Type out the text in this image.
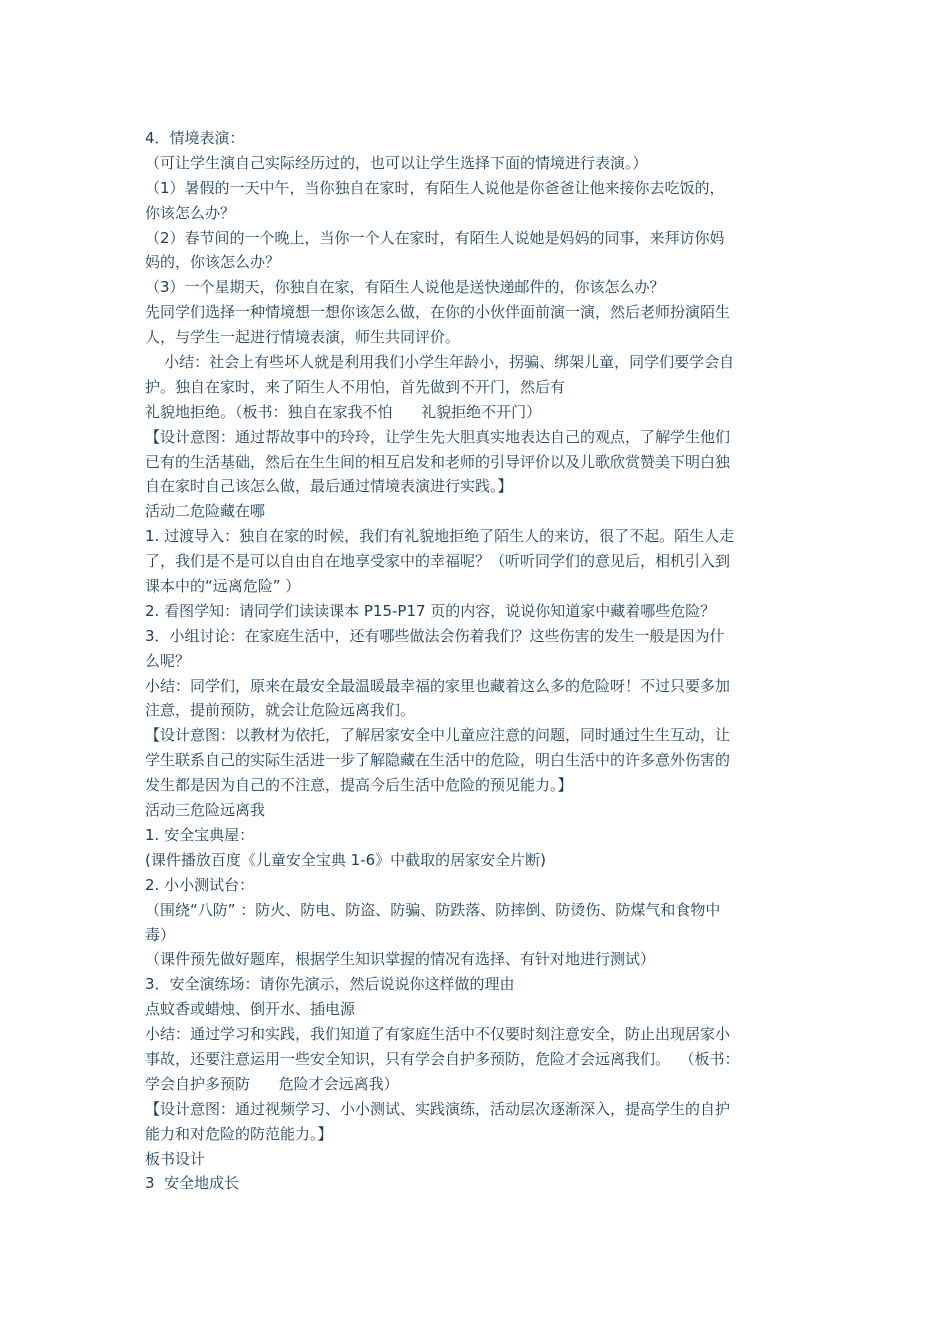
4．情境表演：
（可让学生演自己实际经历过的，也可以让学生选择下面的情境进行表演。）
（1）暑假的一天中午，当你独自在家时，有陌生人说他是你爸爸让他来接你去吃饭的，
你该怎么办？
（2）春节间的一个晚上，当你一个人在家时，有陌生人说她是妈妈的同事，来拜访你妈
妈的，你该怎么办？
（3）一个星期天，你独自在家，有陌生人说他是送快递邮件的，你该怎么办？
先同学们选择一种情境想一想你该怎么做，在你的小伙伴面前演一演，然后老师扮演陌生
人，与学生一起进行情境表演，师生共同评价。
小结：社会上有些坏人就是利用我们小学生年龄小，拐骗、绑架儿童，同学们要学会自
护。独自在家时，来了陌生人不用怕，首先做到不开门，然后有
礼貌地拒绝。（板书：独自在家我不怕      礼貌拒绝不开门）
【设计意图：通过帮故事中的玲玲，让学生先大胆真实地表达自己的观点，了解学生他们
已有的生活基础，然后在生生间的相互启发和老师的引导评价以及儿歌欣赏赞美下明白独
自在家时自己该怎么做，最后通过情境表演进行实践。】
活动二危险藏在哪
1. 过渡导入：独自在家的时候，我们有礼貌地拒绝了陌生人的来访，很了不起。陌生人走
了，我们是不是可以自由自在地享受家中的幸福呢？（听听同学们的意见后，相机引入到
课本中的“远离危险” ）
2. 看图学知：请同学们读读课本 P15-P17 页的内容，说说你知道家中藏着哪些危险？
3．小组讨论：在家庭生活中，还有哪些做法会伤着我们？这些伤害的发生一般是因为什
么呢？
小结：同学们，原来在最安全最温暖最幸福的家里也藏着这么多的危险呀！不过只要多加
注意，提前预防，就会让危险远离我们。
【设计意图：以教材为依托，了解居家安全中儿童应注意的问题，同时通过生生互动，让
学生联系自己的实际生活进一步了解隐藏在生活中的危险，明白生活中的许多意外伤害的
发生都是因为自己的不注意，提高今后生活中危险的预见能力。】
活动三危险远离我
1. 安全宝典屋：
(课件播放百度《儿童安全宝典 1-6》中截取的居家安全片断)
2. 小小测试台：
（围绕“八防” ：防火、防电、防盗、防骗、防跌落、防摔倒、防烫伤、防煤气和食物中
毒）
（课件预先做好题库，根据学生知识掌握的情况有选择、有针对地进行测试）
3．安全演练场：请你先演示，然后说说你这样做的理由
点蚊香或蜡烛、倒开水、插电源
小结：通过学习和实践，我们知道了有家庭生活中不仅要时刻注意安全，防止出现居家小
事故，还要注意运用一些安全知识，只有学会自护多预防，危险才会远离我们。  （板书：
学会自护多预防      危险才会远离我）
【设计意图：通过视频学习、小小测试、实践演练，活动层次逐渐深入，提高学生的自护
能力和对危险的防范能力。】
板书设计
3  安全地成长
